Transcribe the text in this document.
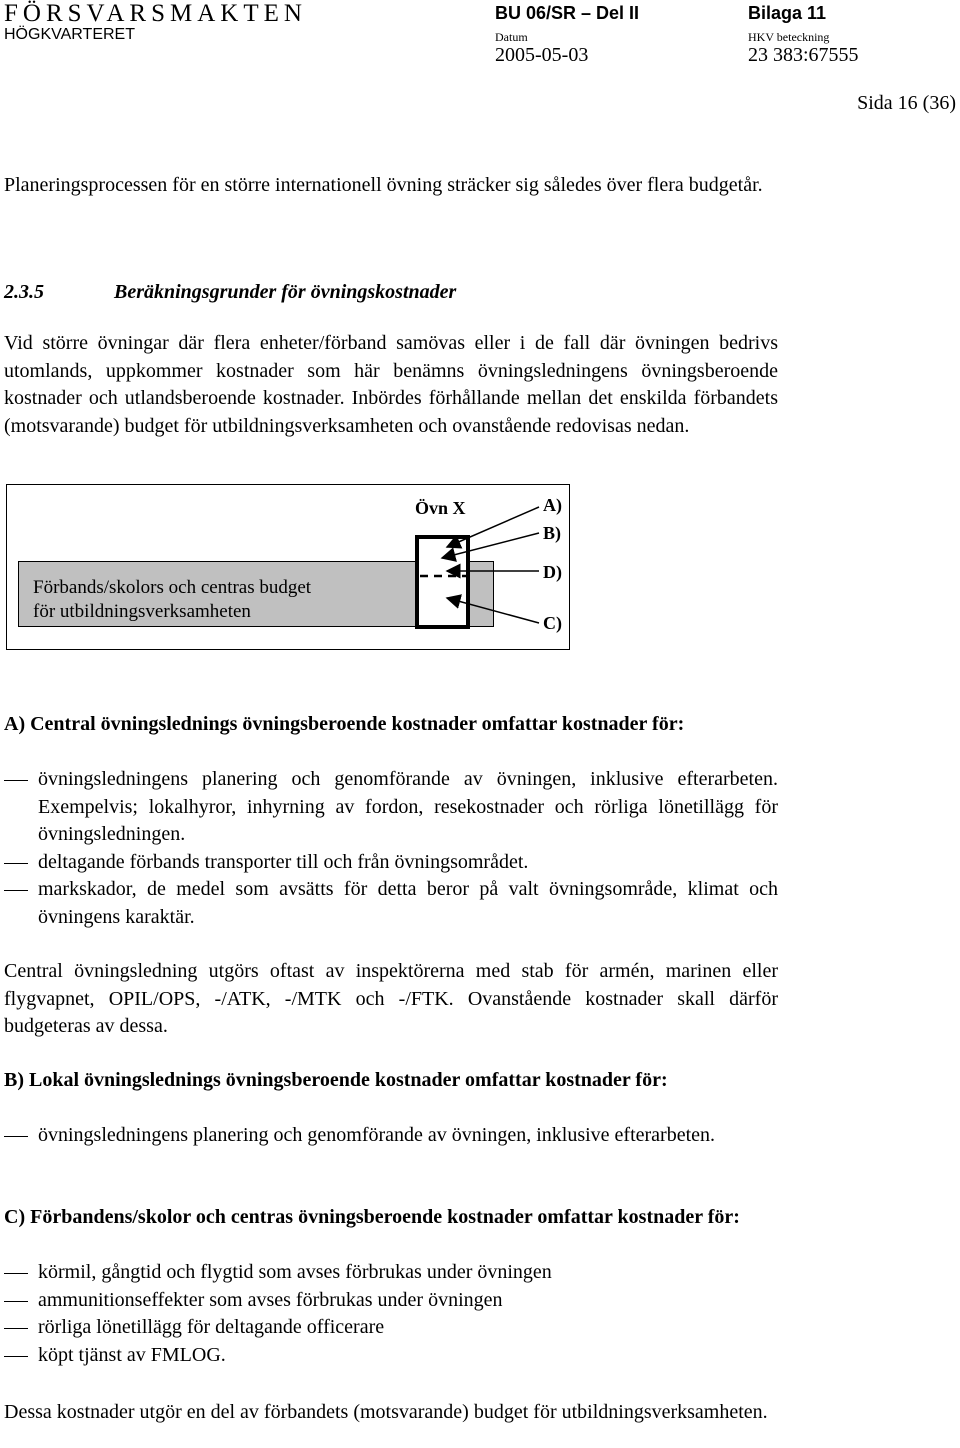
FÖRSVARSMAKTEN
HÖGKVARTERET
BU 06/SR – Del II	Bilaga 11
Datum	HKV beteckning
2005-05-03	23 383:67555
Sida 16 (36)
Planeringsprocessen för en större internationell övning sträcker sig således över flera budgetår.
2.3.5	Beräkningsgrunder för övningskostnader
Vid större övningar där flera enheter/förband samövas eller i de fall där övningen bedrivs utomlands, uppkommer kostnader som här benämns övningsledningens övningsberoende kostnader och utlandsberoende kostnader. Inbördes förhållande mellan det enskilda förbandets (motsvarande) budget för utbildningsverksamheten och ovanstående redovisas nedan.
Förbands/skolors och centras budget
för utbildningsverksamheten
Övn X	A)
B)
D)
C)
A) Central övningslednings övningsberoende kostnader omfattar kostnader för:
övningsledningens planering och genomförande av övningen, inklusive efterarbeten. Exempelvis; lokalhyror, inhyrning av fordon, resekostnader och rörliga lönetillägg för övningsledningen.
deltagande förbands transporter till och från övningsområdet.
markskador, de medel som avsätts för detta beror på valt övningsområde, klimat och övningens karaktär.
Central övningsledning utgörs oftast av inspektörerna med stab för armén, marinen eller flygvapnet, OPIL/OPS, -/ATK, -/MTK och -/FTK. Ovanstående kostnader skall därför budgeteras av dessa.
B) Lokal övningslednings övningsberoende kostnader omfattar kostnader för:
övningsledningens planering och genomförande av övningen, inklusive efterarbeten.
C) Förbandens/skolor och centras övningsberoende kostnader omfattar kostnader för:
körmil, gångtid och flygtid som avses förbrukas under övningen
ammunitionseffekter som avses förbrukas under övningen
rörliga lönetillägg för deltagande officerare
köpt tjänst av FMLOG.
Dessa kostnader utgör en del av förbandets (motsvarande) budget för utbildningsverksamheten.
